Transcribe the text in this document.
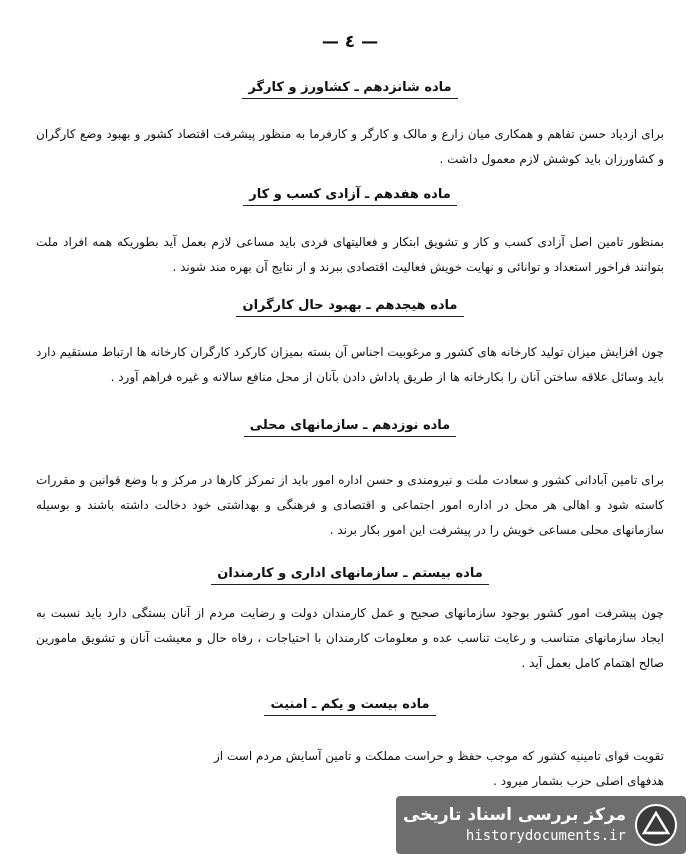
— ٤ —
ماده شانزدهم ـ کشاورز و کارگر
برای ازدیاد حسن تفاهم و همکاری میان زارع و مالک و کارگر و کارفرما به منظور پیشرفت اقتصاد کشور و بهبود وضع کارگران و کشاورزان باید کوشش لازم معمول داشت .
ماده هفدهم ـ آزادی کسب و کار
بمنظور تامین اصل آزادی کسب و کار و تشویق ابتکار و فعالیتهای فردی باید مساعی لازم بعمل آید بطوریکه همه افراد ملت بتوانند فراخور استعداد و توانائی و نهایت خویش فعالیت اقتصادی ببرند و از نتایج آن بهره مند شوند .
ماده هیجدهم ـ بهبود حال کارگران
چون افزایش میزان تولید کارخانه های کشور و مرغوبیت اجناس آن بسته بمیزان کارکرد کارگران کارخانه ها ارتباط مستقیم دارد باید وسائل علاقه ساختن آنان را بکارخانه ها از طریق پاداش دادن بآنان از محل منافع سالانه و غیره فراهم آورد .
ماده نوزدهم ـ سازمانهای محلی
برای تامین آبادانی کشور و سعادت ملت و نیرومندی و حسن اداره امور باید از تمرکز کارها در مرکز و با وضع قوانین و مقررات کاسته شود و اهالی هر محل در اداره امور اجتماعی و اقتصادی و فرهنگی و بهداشتی خود دخالت داشته باشند و بوسیله سازمانهای محلی مساعی خویش را در پیشرفت این امور بکار برند .
ماده بیستم ـ سازمانهای اداری و کارمندان
چون پیشرفت امور کشور بوجود سازمانهای صحیح و عمل کارمندان دولت و رضایت مردم از آنان بستگی دارد باید نسبت به ایجاد سازمانهای متناسب و رعایت تناسب عده و معلومات کارمندان با احتیاجات ، رفاه حال و معیشت آنان و تشویق مامورین صالح اهتمام کامل بعمل آید .
ماده بیست و یکم ـ امنیت
تقویت قوای تامینیه کشور که موجب حفظ و حراست مملکت و تامین آسایش مردم است از هدفهای اصلی حزب بشمار میرود .
مرکز بررسی اسناد تاریخی
historydocuments.ir
